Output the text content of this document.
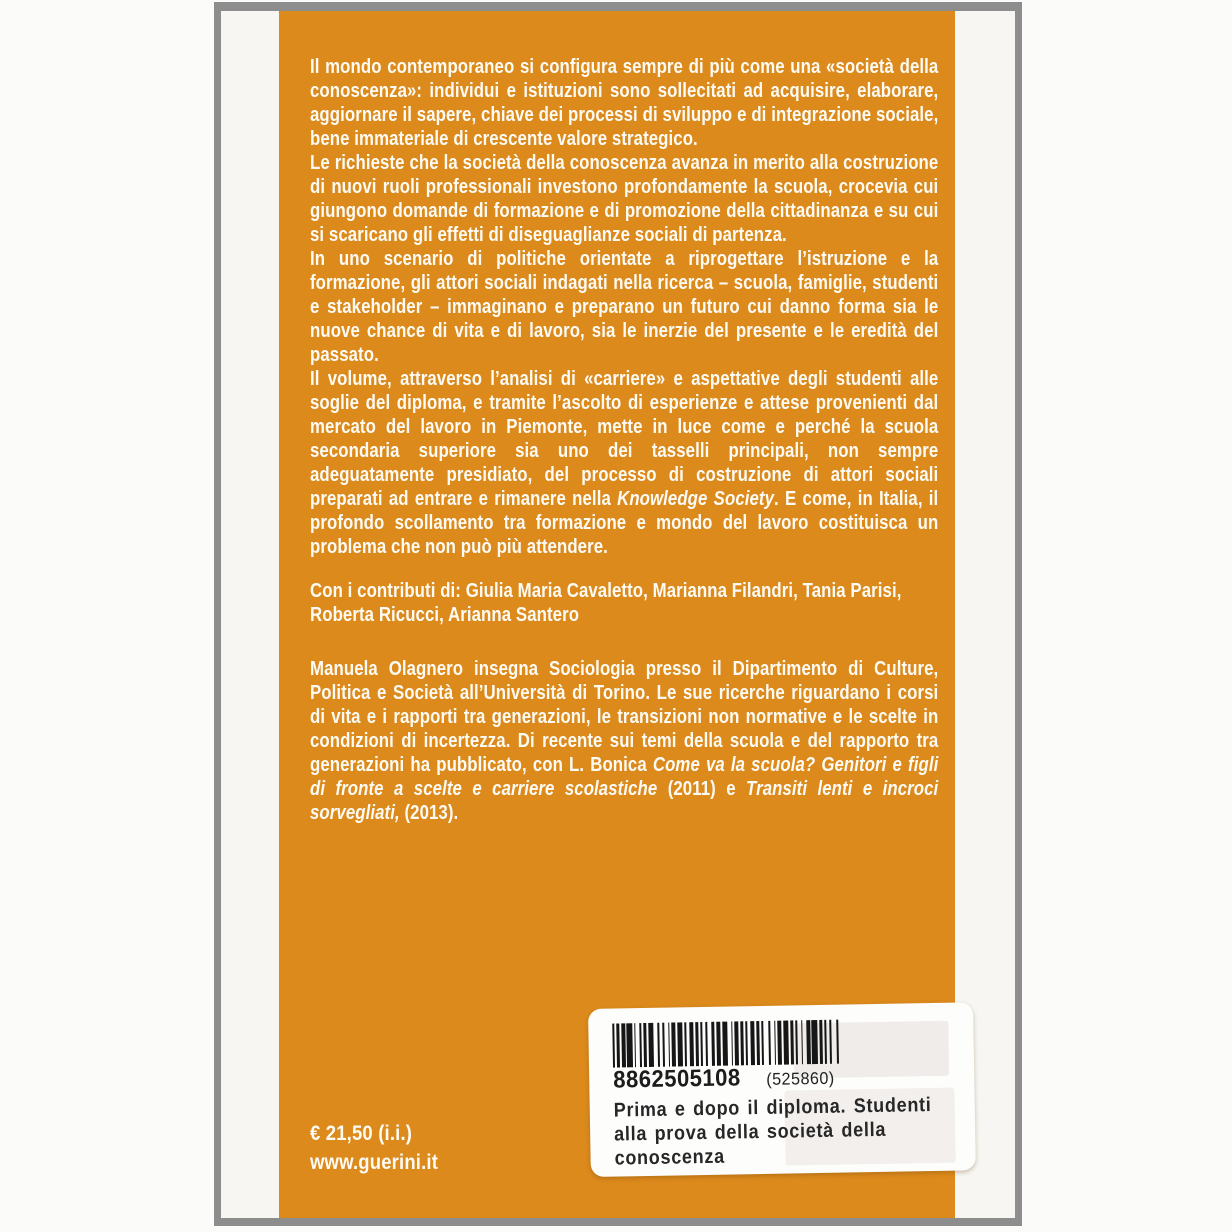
Il mondo contemporaneo si configura sempre di più come una «società della conoscenza»: individui e istituzioni sono sollecitati ad acquisire, elaborare, aggiornare il sapere, chiave dei processi di sviluppo e di integrazione sociale, bene immateriale di crescente valore strategico.

Le richieste che la società della conoscenza avanza in merito alla costruzione di nuovi ruoli professionali investono profondamente la scuola, crocevia cui giungono domande di formazione e di promozione della cittadinanza e su cui si scaricano gli effetti di diseguaglianze sociali di partenza.

In uno scenario di politiche orientate a riprogettare l’istruzione e la formazione, gli attori sociali indagati nella ricerca – scuola, famiglie, studenti e stakeholder – immaginano e preparano un futuro cui danno forma sia le nuove chance di vita e di lavoro, sia le inerzie del presente e le eredità del passato.

Il volume, attraverso l’analisi di «carriere» e aspettative degli studenti alle soglie del diploma, e tramite l’ascolto di esperienze e attese provenienti dal mercato del lavoro in Piemonte, mette in luce come e perché la scuola secondaria superiore sia uno dei tasselli principali, non sempre adeguatamente presidiato, del processo di costruzione di attori sociali preparati ad entrare e rimanere nella Knowledge Society. E come, in Italia, il profondo scollamento tra formazione e mondo del lavoro costituisca un problema che non può più attendere.

Con i contributi di: Giulia Maria Cavaletto, Marianna Filandri, Tania Parisi, Roberta Ricucci, Arianna Santero

Manuela Olagnero insegna Sociologia presso il Dipartimento di Culture, Politica e Società all’Università di Torino. Le sue ricerche riguardano i corsi di vita e i rapporti tra generazioni, le transizioni non normative e le scelte in condizioni di incertezza. Di recente sui temi della scuola e del rapporto tra generazioni ha pubblicato, con L. Bonica Come va la scuola? Genitori e figli di fronte a scelte e carriere scolastiche (2011) e Transiti lenti e incroci sorvegliati, (2013).

€ 21,50 (i.i.)
www.guerini.it
8862505108 (525860)
Prima e dopo il diploma. Studenti
alla prova della società della
conoscenza
